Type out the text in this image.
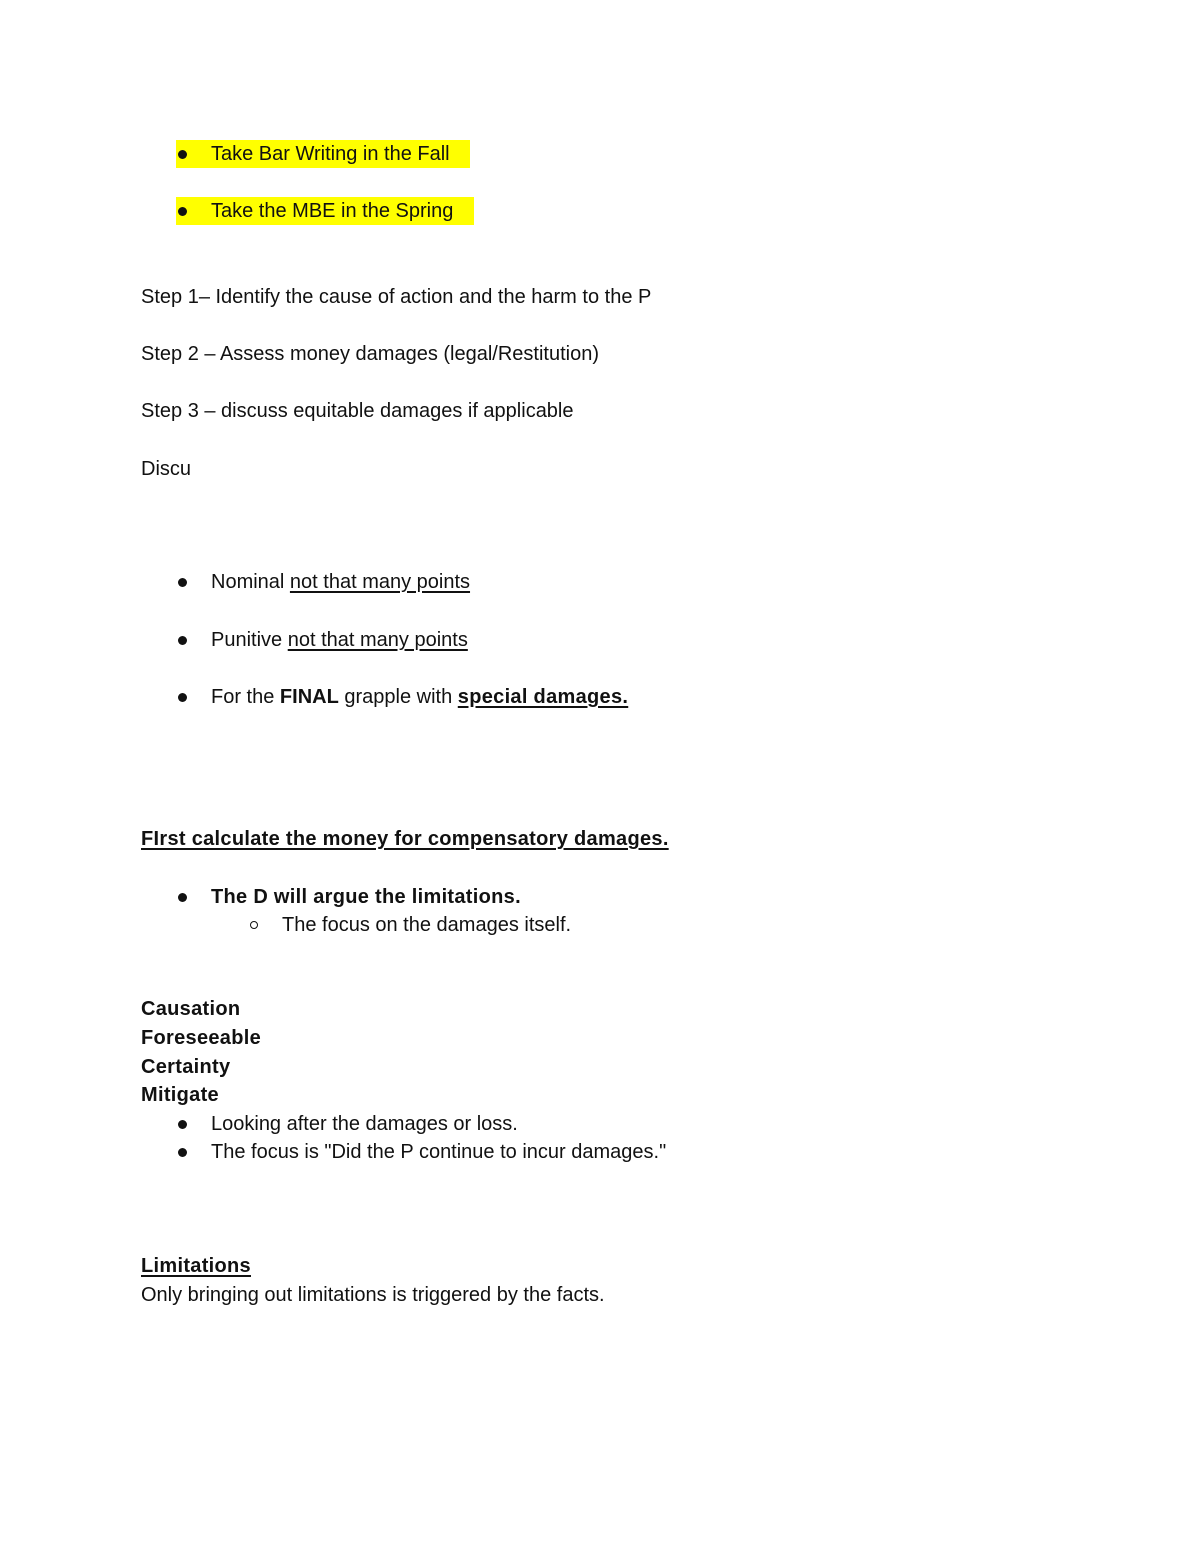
Take Bar Writing in the Fall
Take the MBE in the Spring
Step 1– Identify the cause of action and the harm to the P
Step 2 – Assess money damages (legal/Restitution)
Step 3 – discuss equitable damages if applicable
Discu
Nominal not that many points
Punitive not that many points
For the FINAL grapple with special damages.
FIrst calculate the money for compensatory damages.
The D will argue the limitations.
The focus on the damages itself.
Causation
Foreseeable
Certainty
Mitigate
Looking after the damages or loss.
The focus is "Did the P continue to incur damages."
Limitations
Only bringing out limitations is triggered by the facts.
